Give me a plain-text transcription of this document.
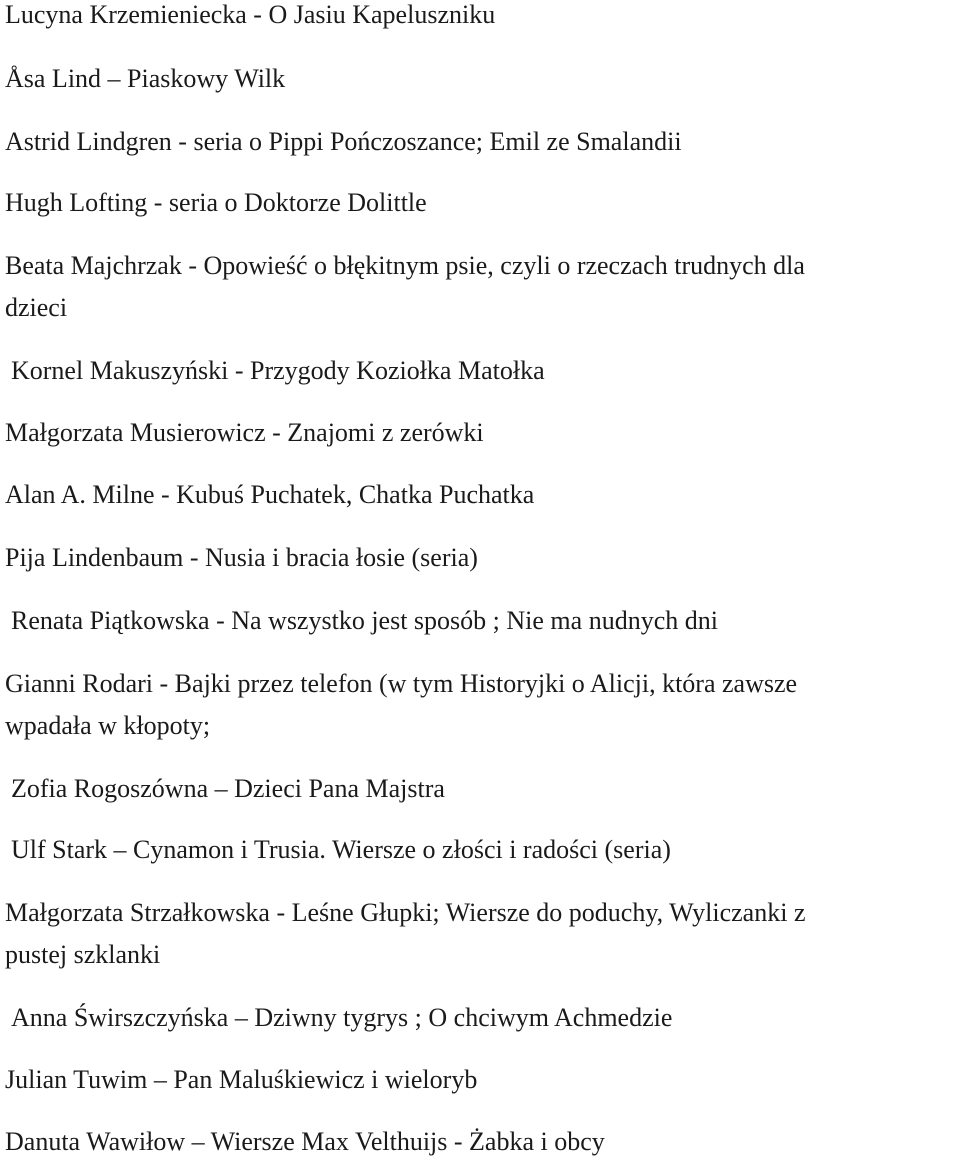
Lucyna Krzemieniecka - O Jasiu Kapeluszniku

Åsa Lind – Piaskowy Wilk

Astrid Lindgren - seria o Pippi Pończoszance; Emil ze Smalandii

Hugh Lofting - seria o Doktorze Dolittle

Beata Majchrzak - Opowieść o błękitnym psie, czyli o rzeczach trudnych dla
dzieci

Kornel Makuszyński - Przygody Koziołka Matołka

Małgorzata Musierowicz - Znajomi z zerówki

Alan A. Milne - Kubuś Puchatek, Chatka Puchatka

Pija Lindenbaum - Nusia i bracia łosie (seria)

Renata Piątkowska - Na wszystko jest sposób ; Nie ma nudnych dni

Gianni Rodari - Bajki przez telefon (w tym Historyjki o Alicji, która zawsze
wpadała w kłopoty;

Zofia Rogoszówna – Dzieci Pana Majstra

Ulf Stark – Cynamon i Trusia. Wiersze o złości i radości (seria)

Małgorzata Strzałkowska - Leśne Głupki; Wiersze do poduchy, Wyliczanki z
pustej szklanki

Anna Świrszczyńska – Dziwny tygrys ; O chciwym Achmedzie

Julian Tuwim – Pan Maluśkiewicz i wieloryb

Danuta Wawiłow – Wiersze Max Velthuijs - Żabka i obcy
